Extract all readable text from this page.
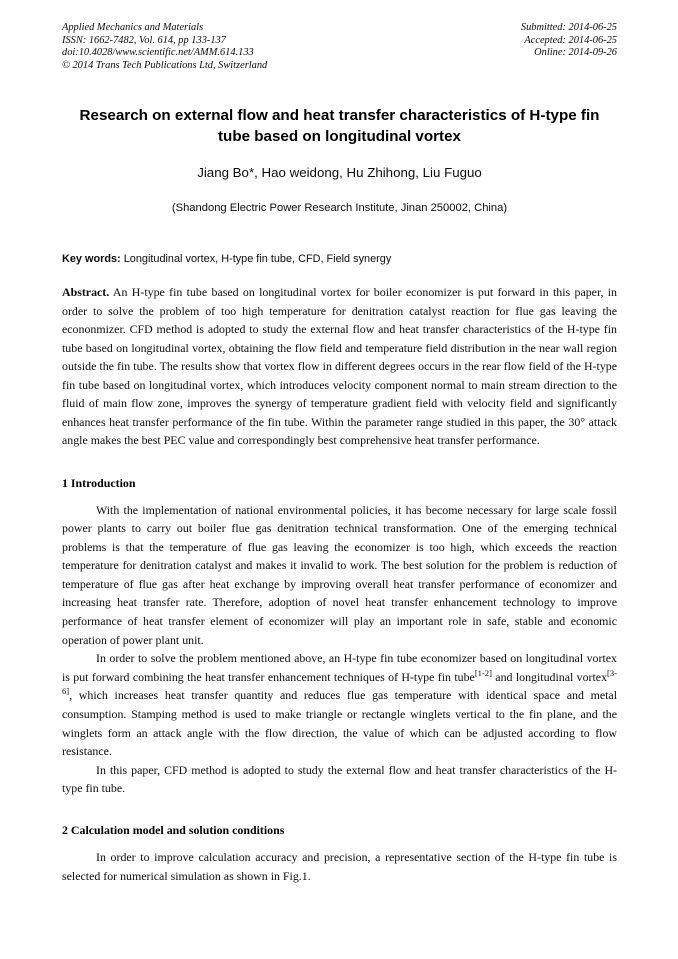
Applied Mechanics and Materials
ISSN: 1662-7482, Vol. 614, pp 133-137
doi:10.4028/www.scientific.net/AMM.614.133
© 2014 Trans Tech Publications Ltd, Switzerland
Submitted: 2014-06-25
Accepted: 2014-06-25
Online: 2014-09-26
Research on external flow and heat transfer characteristics of H-type fin tube based on longitudinal vortex
Jiang Bo*, Hao weidong, Hu Zhihong, Liu Fuguo
(Shandong Electric Power Research Institute, Jinan 250002, China)
Key words: Longitudinal vortex, H-type fin tube, CFD, Field synergy
Abstract. An H-type fin tube based on longitudinal vortex for boiler economizer is put forward in this paper, in order to solve the problem of too high temperature for denitration catalyst reaction for flue gas leaving the econonmizer. CFD method is adopted to study the external flow and heat transfer characteristics of the H-type fin tube based on longitudinal vortex, obtaining the flow field and temperature field distribution in the near wall region outside the fin tube. The results show that vortex flow in different degrees occurs in the rear flow field of the H-type fin tube based on longitudinal vortex, which introduces velocity component normal to main stream direction to the fluid of main flow zone, improves the synergy of temperature gradient field with velocity field and significantly enhances heat transfer performance of the fin tube. Within the parameter range studied in this paper, the 30° attack angle makes the best PEC value and correspondingly best comprehensive heat transfer performance.
1 Introduction
With the implementation of national environmental policies, it has become necessary for large scale fossil power plants to carry out boiler flue gas denitration technical transformation. One of the emerging technical problems is that the temperature of flue gas leaving the economizer is too high, which exceeds the reaction temperature for denitration catalyst and makes it invalid to work. The best solution for the problem is reduction of temperature of flue gas after heat exchange by improving overall heat transfer performance of economizer and increasing heat transfer rate. Therefore, adoption of novel heat transfer enhancement technology to improve performance of heat transfer element of economizer will play an important role in safe, stable and economic operation of power plant unit.
In order to solve the problem mentioned above, an H-type fin tube economizer based on longitudinal vortex is put forward combining the heat transfer enhancement techniques of H-type fin tube[1-2] and longitudinal vortex[3-6], which increases heat transfer quantity and reduces flue gas temperature with identical space and metal consumption. Stamping method is used to make triangle or rectangle winglets vertical to the fin plane, and the winglets form an attack angle with the flow direction, the value of which can be adjusted according to flow resistance.
In this paper, CFD method is adopted to study the external flow and heat transfer characteristics of the H-type fin tube.
2 Calculation model and solution conditions
In order to improve calculation accuracy and precision, a representative section of the H-type fin tube is selected for numerical simulation as shown in Fig.1.
